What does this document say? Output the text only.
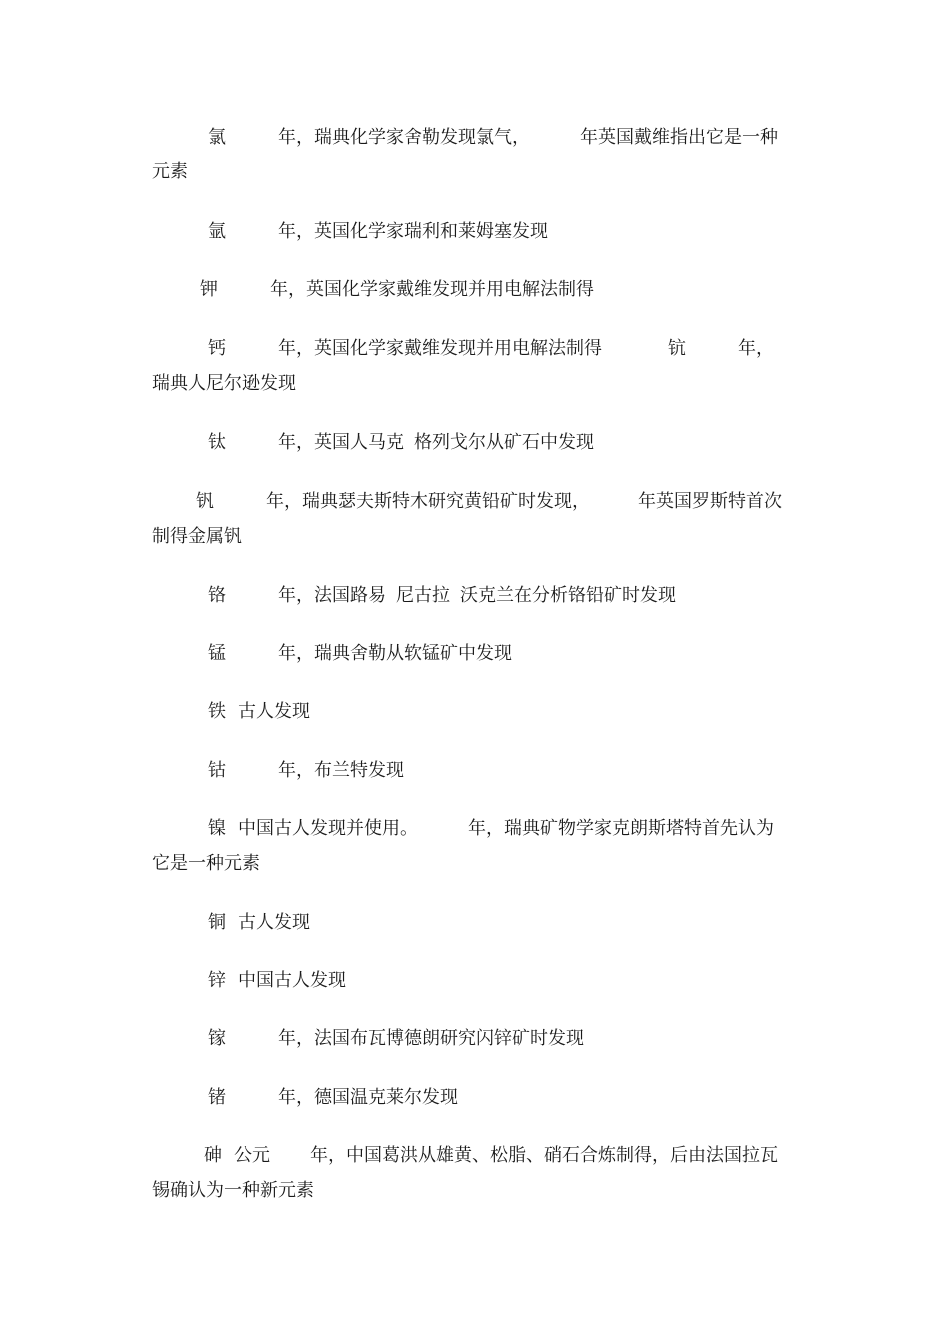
氯	年，瑞典化学家舍勒发现氯气，	年英国戴维指出它是一种
元素
氩	年，英国化学家瑞利和莱姆塞发现
钾	年，英国化学家戴维发现并用电解法制得
钙	年，英国化学家戴维发现并用电解法制得	钪	年，
瑞典人尼尔逊发现
钛	年，英国人马克 格列戈尔从矿石中发现
钒	年，瑞典瑟夫斯特木研究黄铅矿时发现，	年英国罗斯特首次
制得金属钒
铬	年，法国路易 尼古拉 沃克兰在分析铬铅矿时发现
锰	年，瑞典舍勒从软锰矿中发现
铁 古人发现
钴	年，布兰特发现
镍 中国古人发现并使用。	年，瑞典矿物学家克朗斯塔特首先认为
它是一种元素
铜 古人发现
锌 中国古人发现
镓	年，法国布瓦博德朗研究闪锌矿时发现
锗	年，德国温克莱尔发现
砷 公元 年，中国葛洪从雄黄、松脂、硝石合炼制得，后由法国拉瓦
锡确认为一种新元素
